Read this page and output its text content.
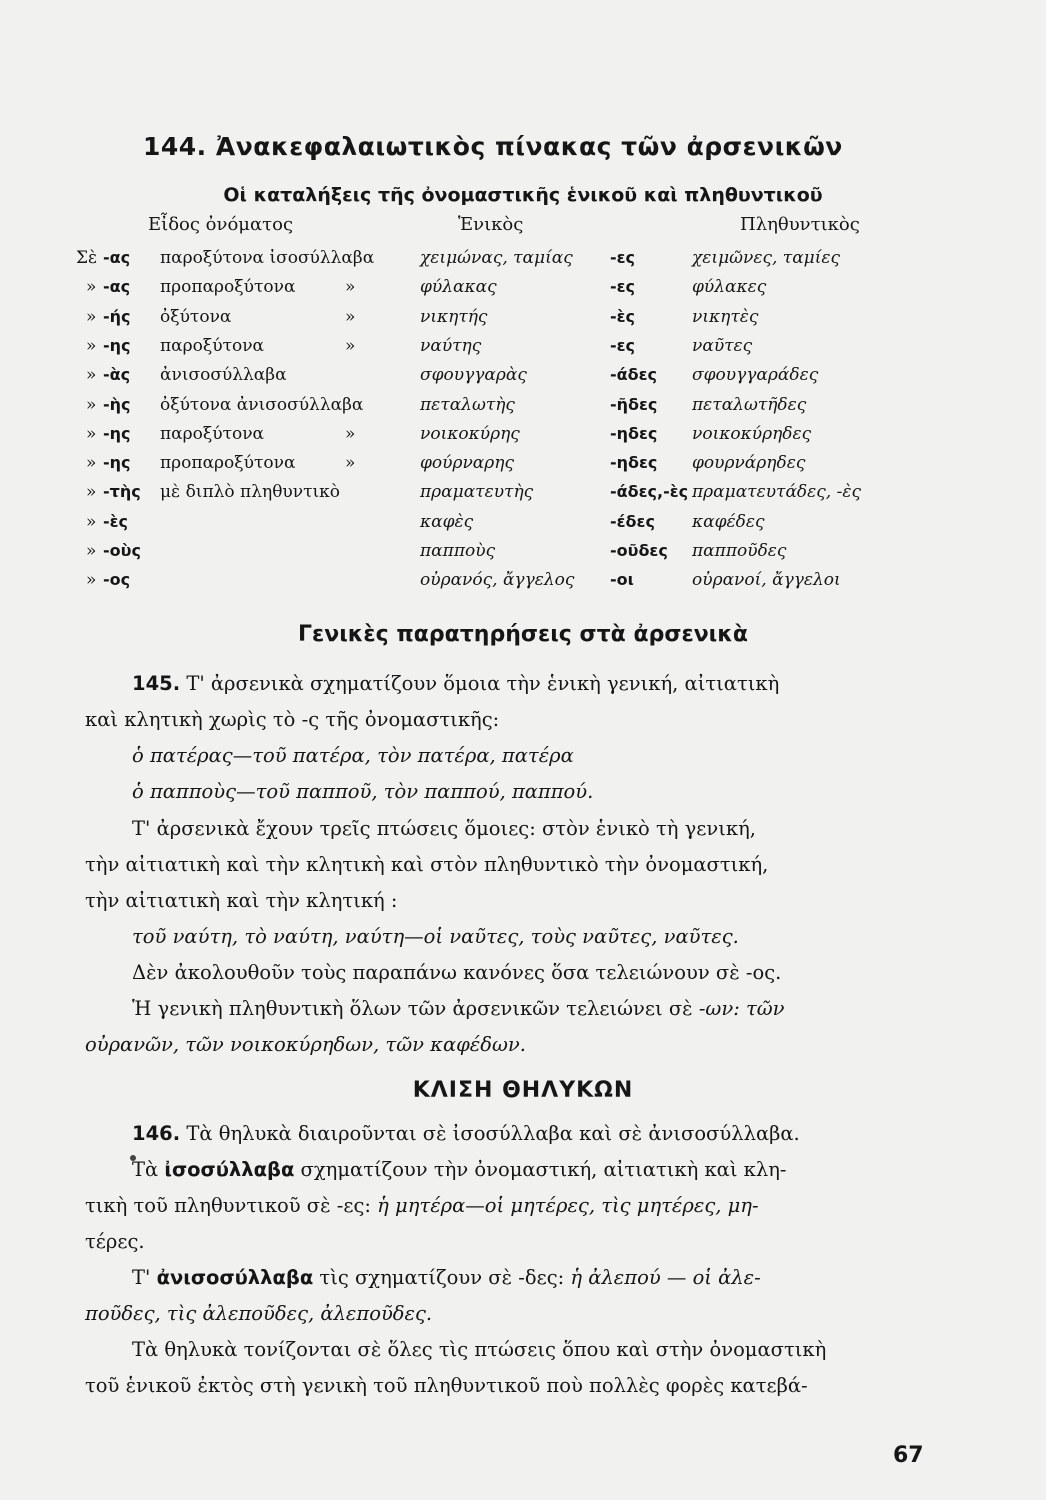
144. Ἀνακεφαλαιωτικὸς πίνακας τῶν ἀρσενικῶν
Οἱ καταλήξεις τῆς ὀνομαστικῆς ἑνικοῦ καὶ πληθυντικοῦ
Εἶδος ὀνόματος	Ἑνικὸς	Πληθυντικὸς
Σὲ -ας παροξύτονα ἰσοσύλλαβα	χειμώνας, ταμίας -ες	χειμῶνες, ταμίες
» -ας προπαροξύτονα	»	φύλακας	-ες	φύλακες
» -ής ὀξύτονα	»	νικητής	-ὲς	νικητὲς
» -ης παροξύτονα	»	ναύτης	-ες	ναῦτες
» -ὰς ἀνισοσύλλαβα	σφουγγαρὰς	-άδες σφουγγαράδες
» -ὴς ὀξύτονα ἀνισοσύλλαβα	πεταλωτὴς	-ῆδες πεταλωτῆδες
» -ης παροξύτονα	»	νοικοκύρης	-ηδες νοικοκύρηδες
» -ης προπαροξύτονα	»	φούρναρης	-ηδες φουρνάρηδες
» -τὴς μὲ διπλὸ πληθυντικὸ	πραματευτὴς	-άδες,-ὲς πραματευτάδες, -ὲς
» -ὲς	καφὲς	-έδες καφέδες
» -οὺς	παπποὺς	-οῦδες παπποῦδες
» -ος	οὐρανός, ἄγγελος -οι	οὐρανοί, ἄγγελοι
Γενικὲς παρατηρήσεις στὰ ἀρσενικὰ
145. Τ' ἀρσενικὰ σχηματίζουν ὅμοια τὴν ἑνικὴ γενική, αἰτιατικὴ
καὶ κλητικὴ χωρὶς τὸ -ς τῆς ὀνομαστικῆς:
ὁ πατέρας—τοῦ πατέρα, τὸν πατέρα, πατέρα
ὁ παπποὺς—τοῦ παπποῦ, τὸν παππού, παππού.
Τ' ἀρσενικὰ ἔχουν τρεῖς πτώσεις ὅμοιες: στὸν ἑνικὸ τὴ γενική,
τὴν αἰτιατικὴ καὶ τὴν κλητικὴ καὶ στὸν πληθυντικὸ τὴν ὀνομαστική,
τὴν αἰτιατικὴ καὶ τὴν κλητική :
τοῦ ναύτη, τὸ ναύτη, ναύτη—οἱ ναῦτες, τοὺς ναῦτες, ναῦτες.
Δὲν ἀκολουθοῦν τοὺς παραπάνω κανόνες ὅσα τελειώνουν σὲ -ος.
Ἡ γενικὴ πληθυντικὴ ὅλων τῶν ἀρσενικῶν τελειώνει σὲ -ων: τῶν
οὐρανῶν, τῶν νοικοκύρηδων, τῶν καφέδων.
ΚΛΙΣΗ ΘΗΛΥΚΩΝ
146. Τὰ θηλυκὰ διαιροῦνται σὲ ἰσοσύλλαβα καὶ σὲ ἀνισοσύλλαβα.
Τὰ ἰσοσύλλαβα σχηματίζουν τὴν ὀνομαστική, αἰτιατικὴ καὶ κλη-
τικὴ τοῦ πληθυντικοῦ σὲ -ες: ἡ μητέρα—οἱ μητέρες, τὶς μητέρες, μη-
τέρες.
Τ' ἀνισοσύλλαβα τὶς σχηματίζουν σὲ -δες: ἡ ἀλεπού — οἱ ἀλε-
ποῦδες, τὶς ἀλεποῦδες, ἀλεποῦδες.
Τὰ θηλυκὰ τονίζονται σὲ ὅλες τὶς πτώσεις ὅπου καὶ στὴν ὀνομαστικὴ
τοῦ ἑνικοῦ ἐκτὸς στὴ γενικὴ τοῦ πληθυντικοῦ ποὺ πολλὲς φορὲς κατεβά-
67
